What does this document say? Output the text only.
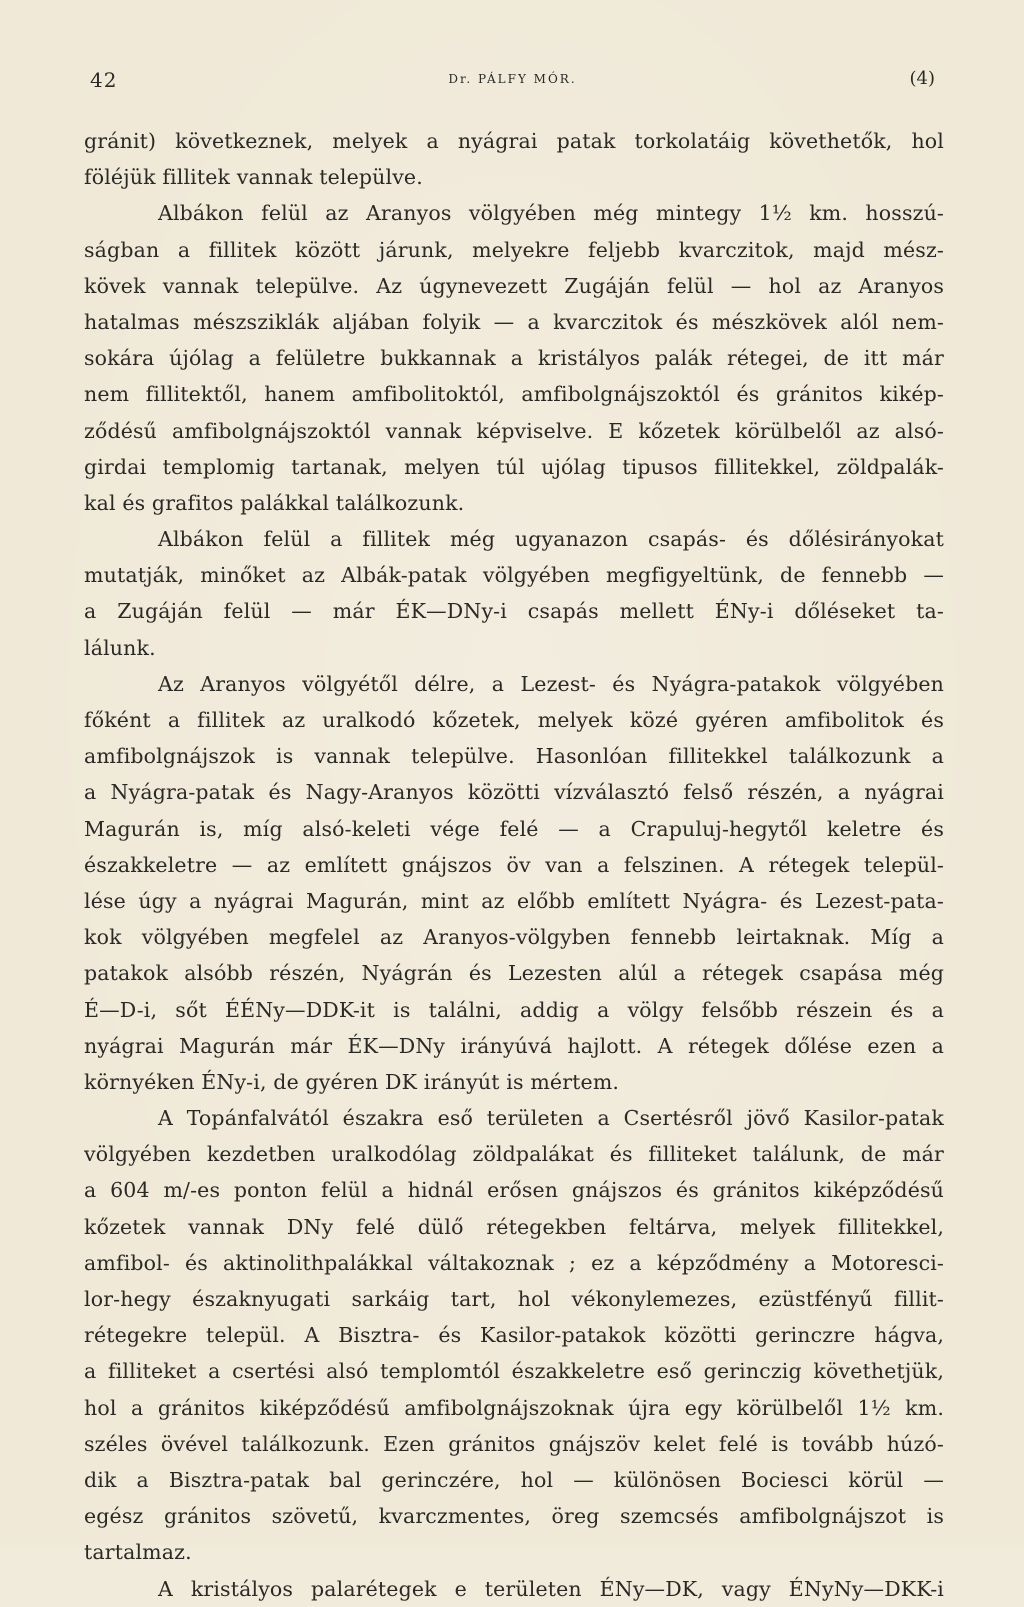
42	Dr. PÁLFY MÓR.	(4)
gránit) következnek, melyek a nyágrai patak torkolatáig követhetők, hol
föléjük fillitek vannak települve.
Albákon felül az Aranyos völgyében még mintegy 1½ km. hosszú-
ságban a fillitek között járunk, melyekre feljebb kvarczitok, majd mész-
kövek vannak települve. Az úgynevezett Zugáján felül — hol az Aranyos
hatalmas mészsziklák aljában folyik — a kvarczitok és mészkövek alól nem-
sokára újólag a felületre bukkannak a kristályos palák rétegei, de itt már
nem fillitektől, hanem amfibolitoktól, amfibolgnájszoktól és gránitos kikép-
ződésű amfibolgnájszoktól vannak képviselve. E kőzetek körülbelől az alsó-
girdai templomig tartanak, melyen túl ujólag tipusos fillitekkel, zöldpalák-
kal és grafitos palákkal találkozunk.
Albákon felül a fillitek még ugyanazon csapás- és dőlésirányokat
mutatják, minőket az Albák-patak völgyében megfigyeltünk, de fennebb —
a Zugáján felül — már ÉK—DNy-i csapás mellett ÉNy-i dőléseket ta-
lálunk.
Az Aranyos völgyétől délre, a Lezest- és Nyágra-patakok völgyében
főként a fillitek az uralkodó kőzetek, melyek közé gyéren amfibolitok és
amfibolgnájszok is vannak települve. Hasonlóan fillitekkel találkozunk a
a Nyágra-patak és Nagy-Aranyos közötti vízválasztó felső részén, a nyágrai
Magurán is, míg alsó-keleti vége felé — a Crapuluj-hegytől keletre és
északkeletre — az említett gnájszos öv van a felszinen. A rétegek települ-
lése úgy a nyágrai Magurán, mint az előbb említett Nyágra- és Lezest-pata-
kok völgyében megfelel az Aranyos-völgyben fennebb leirtaknak. Míg a
patakok alsóbb részén, Nyágrán és Lezesten alúl a rétegek csapása még
É—D-i, sőt ÉÉNy—DDK-it is találni, addig a völgy felsőbb részein és a
nyágrai Magurán már ÉK—DNy irányúvá hajlott. A rétegek dőlése ezen a
környéken ÉNy-i, de gyéren DK irányút is mértem.
A Topánfalvától északra eső területen a Csertésről jövő Kasilor-patak
völgyében kezdetben uralkodólag zöldpalákat és filliteket találunk, de már
a 604 m/-es ponton felül a hidnál erősen gnájszos és gránitos kiképződésű
kőzetek vannak DNy felé dülő rétegekben feltárva, melyek fillitekkel,
amfibol- és aktinolithpalákkal váltakoznak ; ez a képződmény a Motoresci-
lor-hegy északnyugati sarkáig tart, hol vékonylemezes, ezüstfényű fillit-
rétegekre települ. A Bisztra- és Kasilor-patakok közötti gerinczre hágva,
a filliteket a csertési alsó templomtól északkeletre eső gerinczig követhetjük,
hol a gránitos kiképződésű amfibolgnájszoknak újra egy körülbelől 1½ km.
széles övével találkozunk. Ezen gránitos gnájszöv kelet felé is tovább húzó-
dik a Bisztra-patak bal gerinczére, hol — különösen Bociesci körül —
egész gránitos szövetű, kvarczmentes, öreg szemcsés amfibolgnájszot is
tartalmaz.
A kristályos palarétegek e területen ÉNy—DK, vagy ÉNyNy—DKK-i
